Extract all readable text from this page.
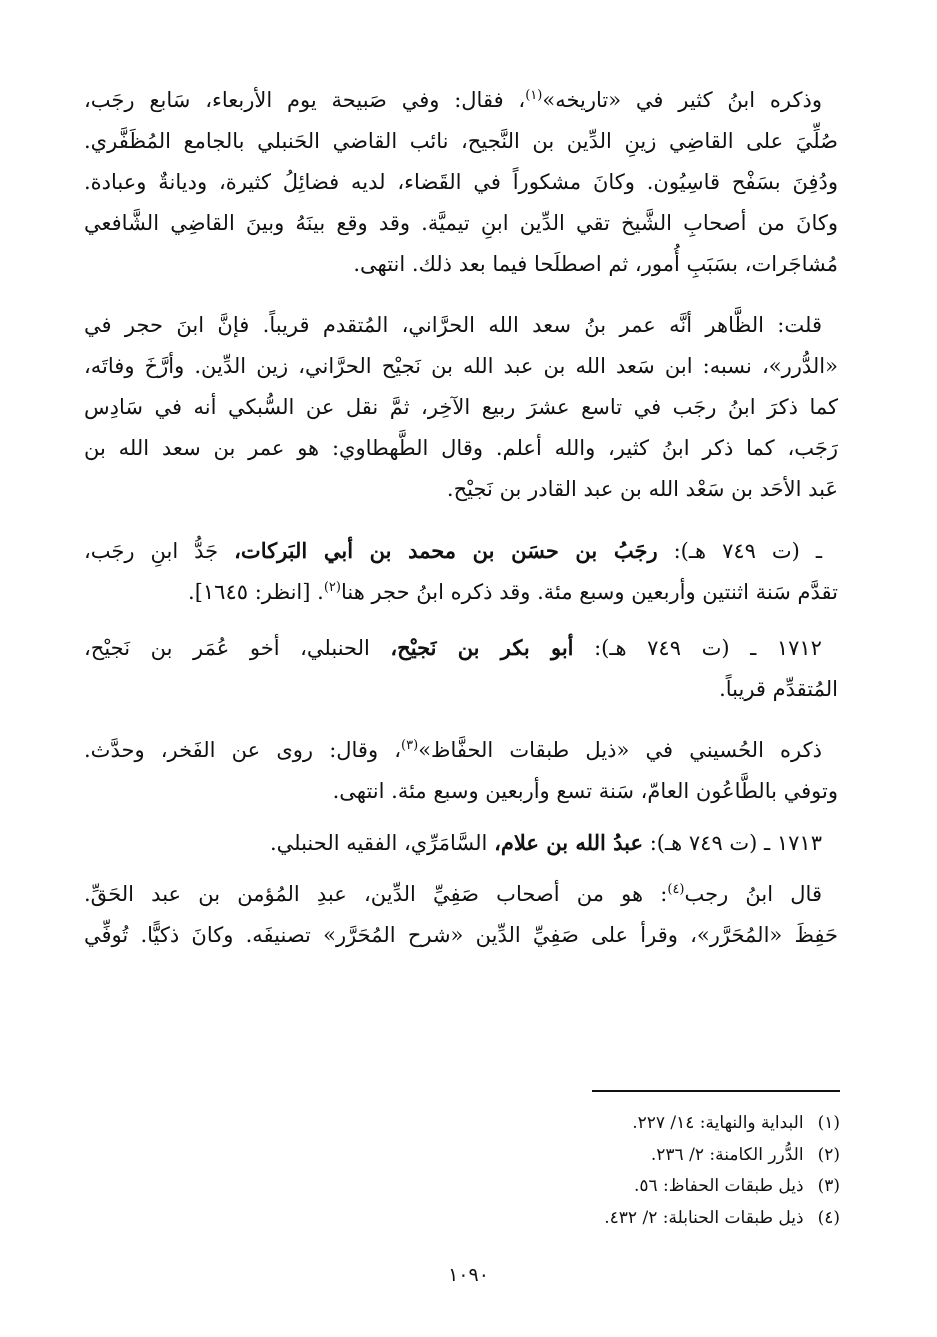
وذكره ابنُ كثير في «تاريخه»$^{(١)}$، فقال: وفي صَبيحة يوم الأربعاء، سَابع رجَب،
صُلِّيَ على القاضِي زينِ الدِّين بن النَّجيح، نائب القاضي الحَنبلي بالجامع المُظَفَّري.
ودُفِنَ بسَفْح قاسِيُون. وكانَ مشكوراً في القَضاء، لديه فضائِلُ كثيرة، وديانةٌ وعبادة.
وكانَ من أصحابِ الشَّيخ تقي الدِّين ابنِ تيميَّة. وقد وقع بينَهُ وبينَ القاضِي الشَّافعي
مُشاجَرات، بسَبَبِ أُمور، ثم اصطلَحا فيما بعد ذلك. انتهى.

قلت: الظَّاهر أنَّه عمر بنُ سعد الله الحرَّاني، المُتقدم قريباً. فإنَّ ابنَ حجر في
«الدُّرر»، نسبه: ابن سَعد الله بن عبد الله بن نَجيْح الحرَّاني، زين الدِّين. وأرَّخَ وفاتَه،
كما ذكرَ ابنُ رجَب في تاسع عشرَ ربيع الآخِر، ثمَّ نقل عن السُّبكي أنه في سَادِس
رَجَب، كما ذكر ابنُ كثير، والله أعلم. وقال الطَّهطاوي: هو عمر بن سعد الله بن
عَبد الأحَد بن سَعْد الله بن عبد القادر بن نَجيْح.

ـ (ت ٧٤٩ هـ): رجَبُ بن حسَن بن محمد بن أبي البَركات، جَدُّ ابنِ رجَب،
تقدَّم سَنة اثنتين وأربعين وسبع مئة. وقد ذكره ابنُ حجر هنا$^{(٢)}$. [انظر: ١٦٤٥].

١٧١٢ ـ (ت ٧٤٩ هـ): أبو بكر بن نَجيْح، الحنبلي، أخو عُمَر بن نَجيْح،
المُتقدِّم قريباً.

ذكره الحُسيني في «ذيل طبقات الحفَّاظ»$^{(٣)}$، وقال: روى عن الفَخر، وحدَّث.
وتوفي بالطَّاعُون العامّ، سَنة تسع وأربعين وسبع مئة. انتهى.

١٧١٣ ـ (ت ٧٤٩ هـ): عبدُ الله بن علام، السَّامَرِّي، الفقيه الحنبلي.

قال ابنُ رجب$^{(٤)}$: هو من أصحاب صَفِيِّ الدِّين، عبدِ المُؤمن بن عبد الحَقِّ.
حَفِظَ «المُحَرَّر»، وقرأ على صَفِيِّ الدِّين «شرح المُحَرَّر» تصنيفَه. وكانَ ذكيًّا. تُوفِّي

(١)البداية والنهاية: ١٤/ ٢٢٧.
(٢)الدُّرر الكامنة: ٢/ ٢٣٦.
(٣)ذيل طبقات الحفاظ: ٥٦.
(٤)ذيل طبقات الحنابلة: ٢/ ٤٣٢.
١٠٩٠
